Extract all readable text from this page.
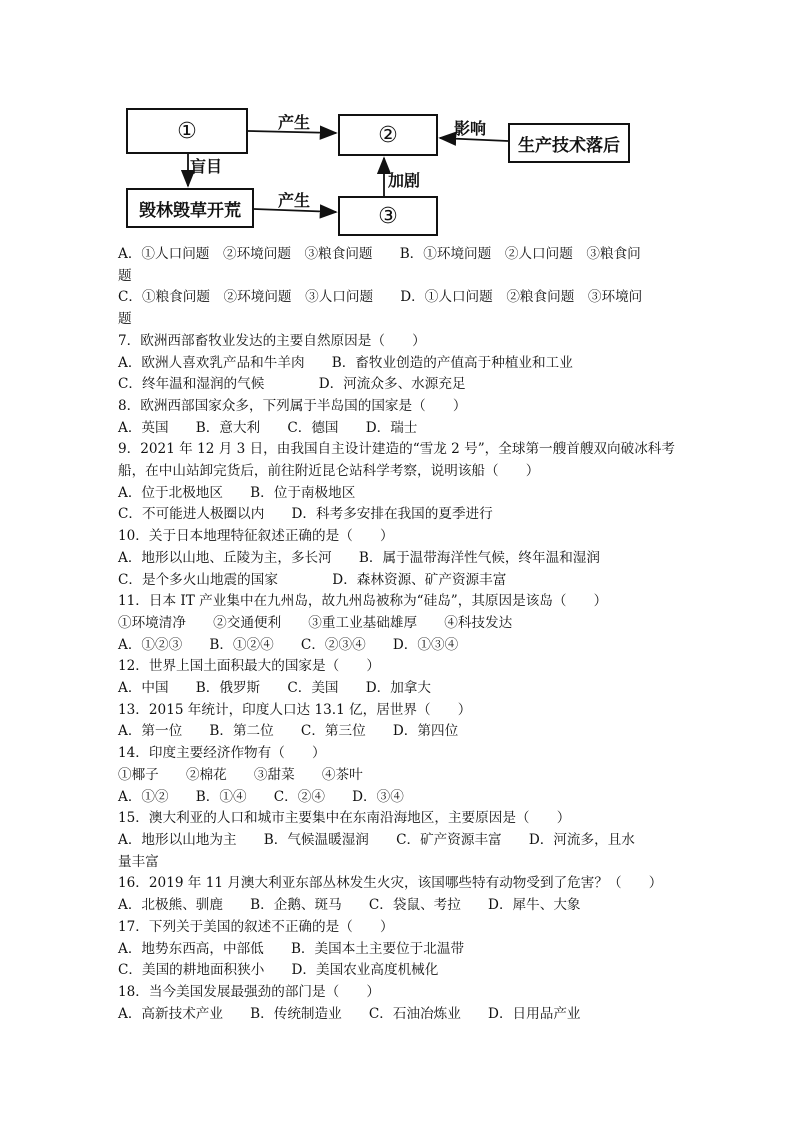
①	②
③
毁林毁草开荒
生产技术落后
产生
盲目
产生
加剧
影响
A．①人口问题　②环境问题　③粮食问题　　B．①环境问题　②人口问题　③粮食问
题
C．①粮食问题　②环境问题　③人口问题　　D．①人口问题　②粮食问题　③环境问
题
7．欧洲西部畜牧业发达的主要自然原因是（　　）
A．欧洲人喜欢乳产品和牛羊肉　　B．畜牧业创造的产值高于种植业和工业
C．终年温和湿润的气候　　　　D．河流众多、水源充足
8．欧洲西部国家众多，下列属于半岛国的国家是（　　）
A．英国　　B．意大利　　C．德国　　D．瑞士
9．2021 年 12 月 3 日，由我国自主设计建造的“雪龙 2 号”，全球第一艘首艘双向破冰科考
船，在中山站卸完货后，前往附近昆仑站科学考察，说明该船（　　）
A．位于北极地区　　B．位于南极地区
C．不可能进人极圈以内　　D．科考多安排在我国的夏季进行
10．关于日本地理特征叙述正确的是（　　）
A．地形以山地、丘陵为主，多长河　　B．属于温带海洋性气候，终年温和湿润
C．是个多火山地震的国家　　　　D．森林资源、矿产资源丰富
11．日本 IT 产业集中在九州岛，故九州岛被称为“硅岛”，其原因是该岛（　　）
①环境清净　　②交通便利　　③重工业基础雄厚　　④科技发达
A．①②③　　B．①②④　　C．②③④　　D．①③④
12．世界上国土面积最大的国家是（　　）
A．中国　　B．俄罗斯　　C．美国　　D．加拿大
13．2015 年统计，印度人口达 13.1 亿，居世界（　　）
A．第一位　　B．第二位　　C．第三位　　D．第四位
14．印度主要经济作物有（　　）
①椰子　　②棉花　　③甜菜　　④茶叶
A．①②　　B．①④　　C．②④　　D．③④
15．澳大利亚的人口和城市主要集中在东南沿海地区，主要原因是（　　）
A．地形以山地为主　　B．气候温暖湿润　　C．矿产资源丰富　　D．河流多，且水
量丰富
16．2019 年 11 月澳大利亚东部丛林发生火灾，该国哪些特有动物受到了危害？（　　）
A．北极熊、驯鹿　　B．企鹅、斑马　　C．袋鼠、考拉　　D．犀牛、大象
17．下列关于美国的叙述不正确的是（　　）
A．地势东西高，中部低　　B．美国本土主要位于北温带
C．美国的耕地面积狭小　　D．美国农业高度机械化
18．当今美国发展最强劲的部门是（　　）
A．高新技术产业　　B．传统制造业　　C．石油冶炼业　　D．日用品产业
